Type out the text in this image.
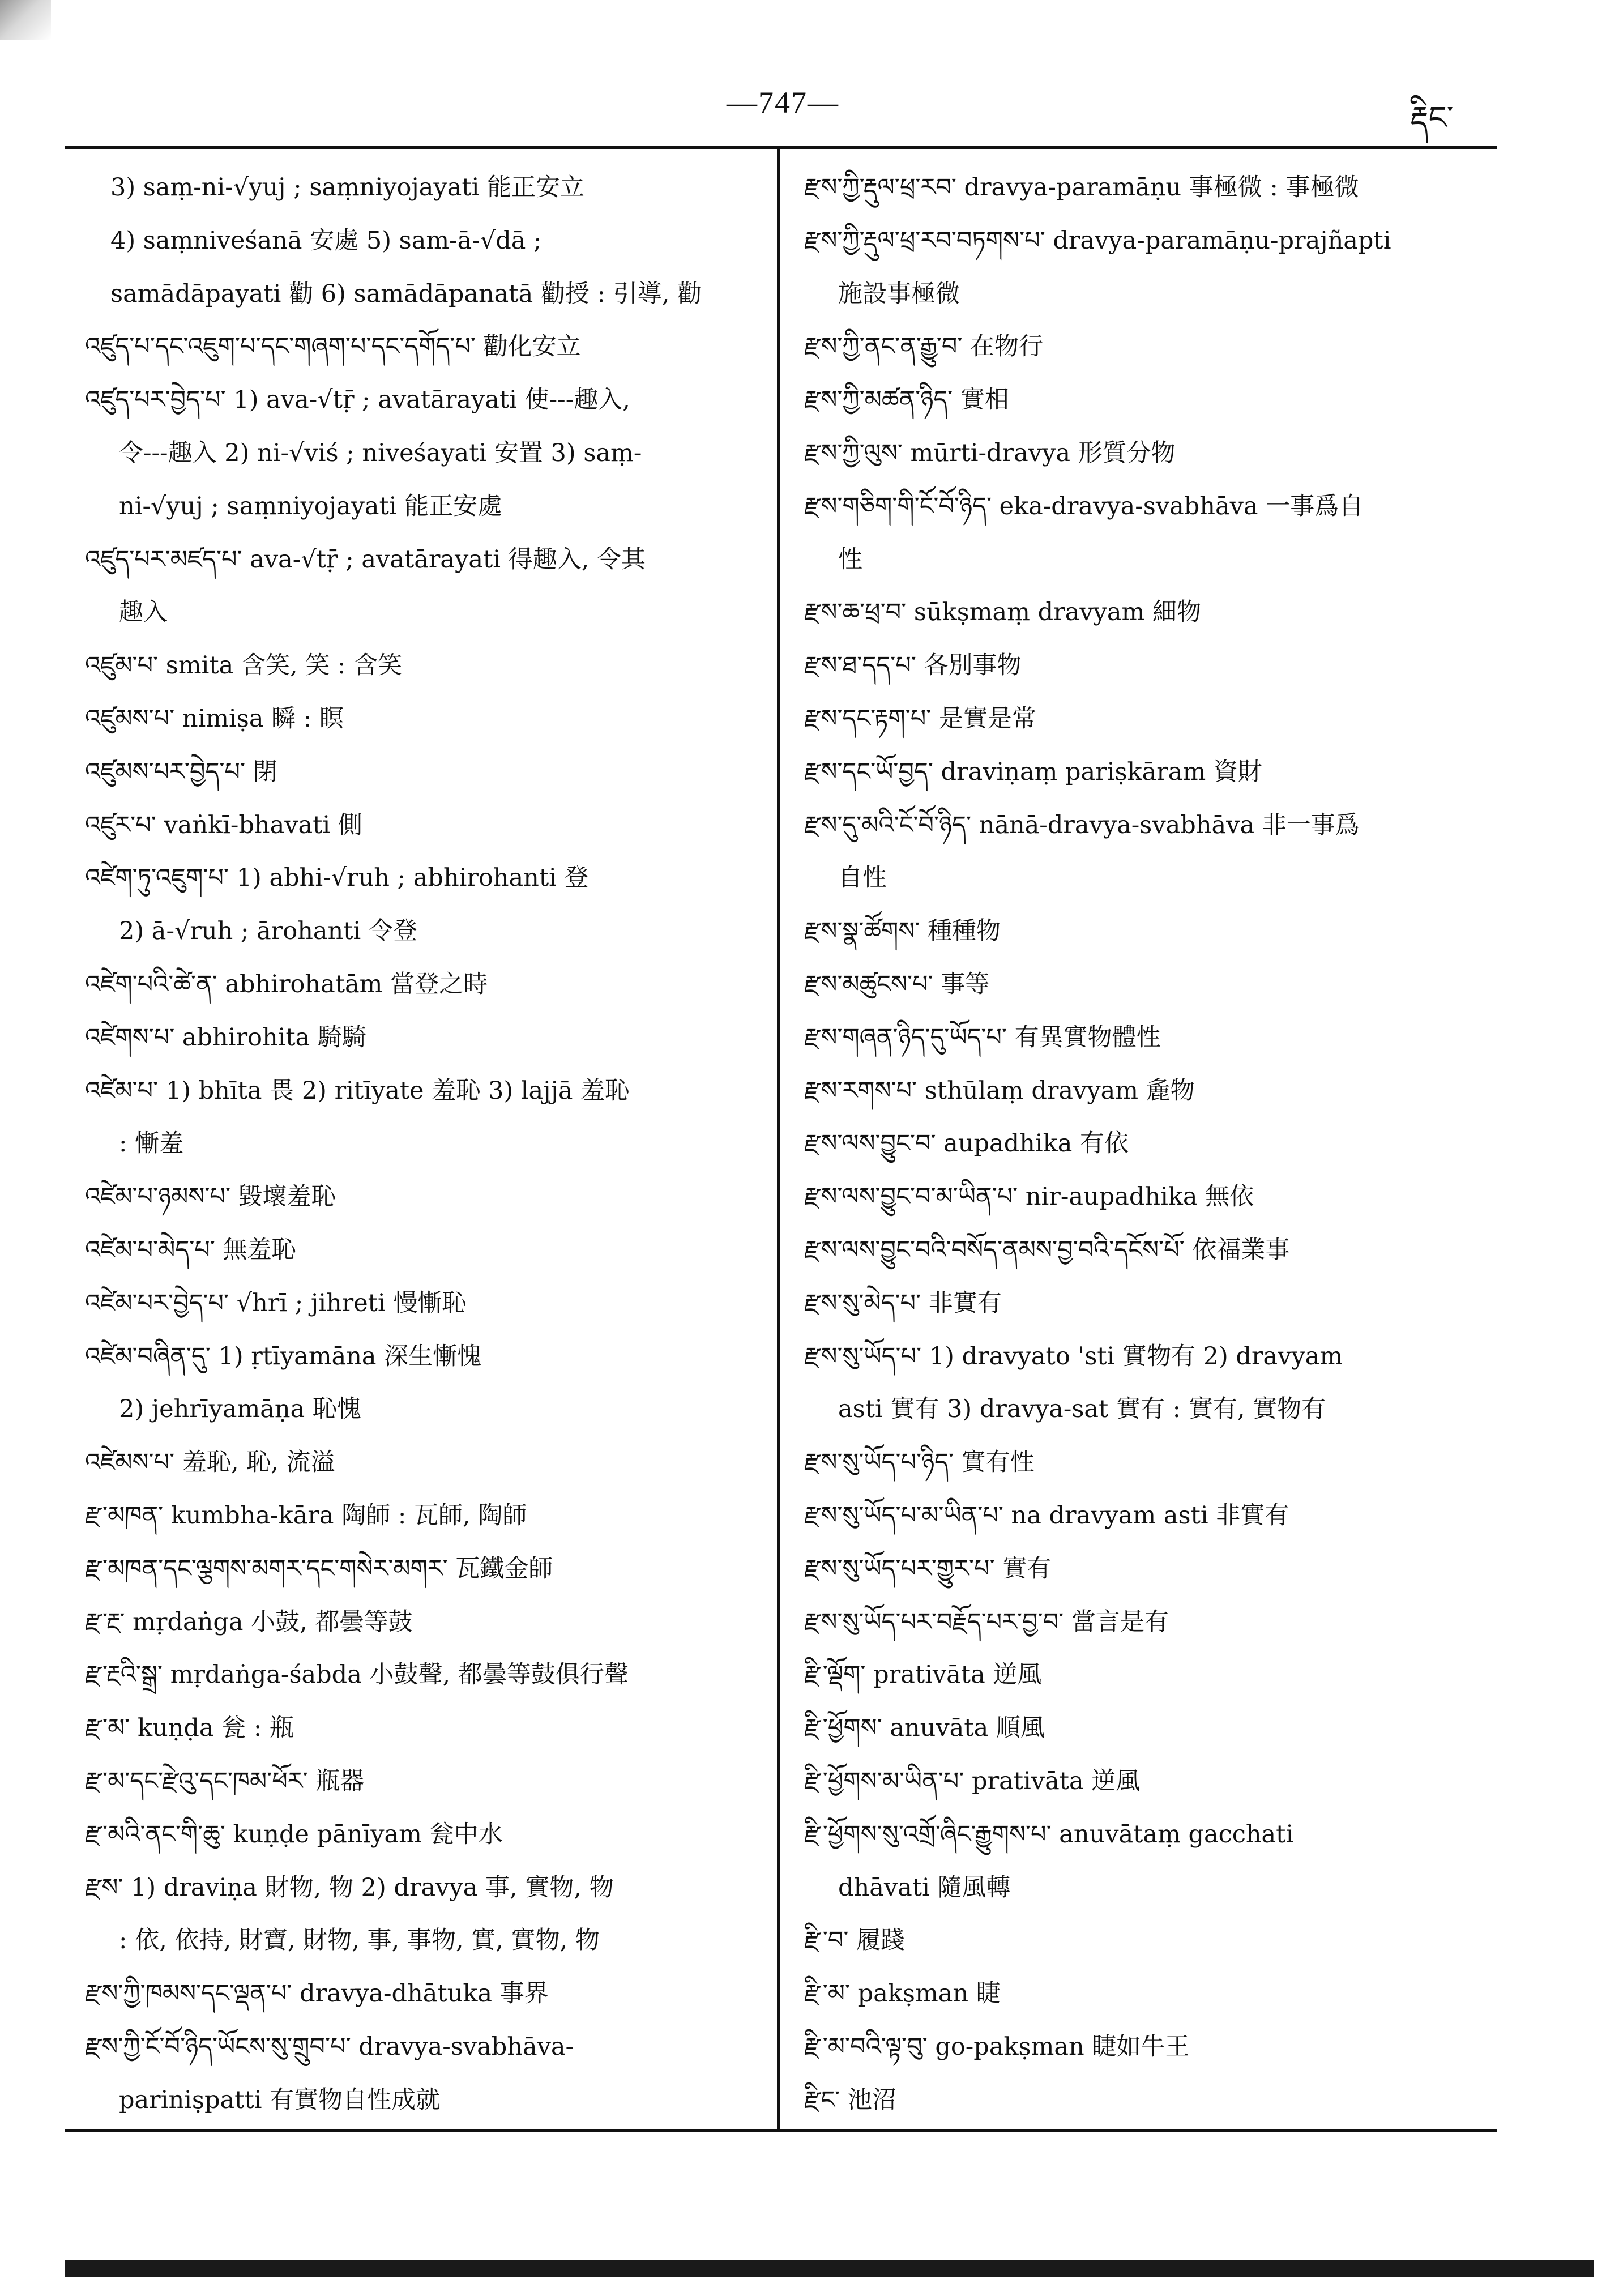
—747—	རྡིང་
3) saṃ-ni-√yuj ; saṃniyojayati 能正安立
4) saṃniveśanā 安處 5) sam-ā-√dā ;
samādāpayati 勸 6) samādāpanatā 勸授 : 引導, 勸
འཛུད་པ་དང་འཇུག་པ་དང་གཞག་པ་དང་དགོད་པ་ 勸化安立
འཛུད་པར་བྱེད་པ་ 1) ava-√tṝ ; avatārayati 使---趣入,
令---趣入 2) ni-√viś ; niveśayati 安置 3) saṃ-
ni-√yuj ; saṃniyojayati 能正安處
འཛུད་པར་མཛད་པ་ ava-√tṝ ; avatārayati 得趣入, 令其
趣入
འཛུམ་པ་ smita 含笑, 笑 : 含笑
འཛུམས་པ་ nimiṣa 瞬 : 瞑
འཛུམས་པར་བྱེད་པ་ 閉
འཛུར་པ་ vaṅkī-bhavati 側
འཛེག་ཏུ་འཇུག་པ་ 1) abhi-√ruh ; abhirohanti 登
2) ā-√ruh ; ārohanti 令登
འཛེག་པའི་ཚེ་ན་ abhirohatām 當登之時
འཛེགས་པ་ abhirohita 騎騎
འཛེམ་པ་ 1) bhīta 畏 2) ritīyate 羞恥 3) lajjā 羞恥
: 慚羞
འཛེམ་པ་ཉམས་པ་ 毀壞羞恥
འཛེམ་པ་མེད་པ་ 無羞恥
འཛེམ་པར་བྱེད་པ་ √hrī ; jihreti 慢慚恥
འཛེམ་བཞིན་དུ་ 1) ṛtīyamāna 深生慚愧
2) jehrīyamāṇa 恥愧
འཛེམས་པ་ 羞恥, 恥, 流溢
རྫ་མཁན་ kumbha-kāra 陶師 : 瓦師, 陶師
རྫ་མཁན་དང་ལྕགས་མགར་དང་གསེར་མགར་ 瓦鐵金師
རྫ་རྔ་ mṛdaṅga 小鼓, 都曇等鼓
རྫ་རྔའི་སྒྲ་ mṛdaṅga-śabda 小鼓聲, 都曇等鼓俱行聲
རྫ་མ་ kuṇḍa 瓮 : 瓶
རྫ་མ་དང་རྫེའུ་དང་ཁམ་ཕོར་ 瓶器
རྫ་མའི་ནང་གི་ཆུ་ kuṇḍe pānīyam 瓮中水
རྫས་ 1) draviṇa 財物, 物 2) dravya 事, 實物, 物
: 依, 依持, 財寶, 財物, 事, 事物, 實, 實物, 物
རྫས་ཀྱི་ཁམས་དང་ལྡན་པ་ dravya-dhātuka 事界
རྫས་ཀྱི་ངོ་བོ་ཉིད་ཡོངས་སུ་གྲུབ་པ་ dravya-svabhāva-
pariniṣpatti 有實物自性成就
རྫས་ཀྱི་རྡུལ་ཕྲ་རབ་ dravya-paramāṇu 事極微 : 事極微
རྫས་ཀྱི་རྡུལ་ཕྲ་རབ་བཏགས་པ་ dravya-paramāṇu-prajñapti
施設事極微
རྫས་ཀྱི་ནང་ན་རྒྱུ་བ་ 在物行
རྫས་ཀྱི་མཚན་ཉིད་ 實相
རྫས་ཀྱི་ལུས་ mūrti-dravya 形質分物
རྫས་གཅིག་གི་ངོ་བོ་ཉིད་ eka-dravya-svabhāva 一事爲自
性
རྫས་ཆ་ཕྲ་བ་ sūkṣmaṃ dravyam 細物
རྫས་ཐ་དད་པ་ 各別事物
རྫས་དང་རྟག་པ་ 是實是常
རྫས་དང་ཡོ་བྱད་ draviṇaṃ pariṣkāram 資財
རྫས་དུ་མའི་ངོ་བོ་ཉིད་ nānā-dravya-svabhāva 非一事爲
自性
རྫས་སྣ་ཚོགས་ 種種物
རྫས་མཚུངས་པ་ 事等
རྫས་གཞན་ཉིད་དུ་ཡོད་པ་ 有異實物體性
རྫས་རགས་པ་ sthūlaṃ dravyam 麁物
རྫས་ལས་བྱུང་བ་ aupadhika 有依
རྫས་ལས་བྱུང་བ་མ་ཡིན་པ་ nir-aupadhika 無依
རྫས་ལས་བྱུང་བའི་བསོད་ནམས་བྱ་བའི་དངོས་པོ་ 依福業事
རྫས་སུ་མེད་པ་ 非實有
རྫས་སུ་ཡོད་པ་ 1) dravyato 'sti 實物有 2) dravyam
asti 實有 3) dravya-sat 實有 : 實有, 實物有
རྫས་སུ་ཡོད་པ་ཉིད་ 實有性
རྫས་སུ་ཡོད་པ་མ་ཡིན་པ་ na dravyam asti 非實有
རྫས་སུ་ཡོད་པར་གྱུར་པ་ 實有
རྫས་སུ་ཡོད་པར་བརྗོད་པར་བྱ་བ་ 當言是有
རྫི་ལྡོག་ prativāta 逆風
རྫི་ཕྱོགས་ anuvāta 順風
རྫི་ཕྱོགས་མ་ཡིན་པ་ prativāta 逆風
རྫི་ཕྱོགས་སུ་འགྲོ་ཞིང་རྒྱུགས་པ་ anuvātaṃ gacchati
dhāvati 隨風轉
རྫི་བ་ 履踐
རྫི་མ་ pakṣman 睫
རྫི་མ་བའི་ལྟ་བུ་ go-pakṣman 睫如牛王
རྫིང་ 池沼
